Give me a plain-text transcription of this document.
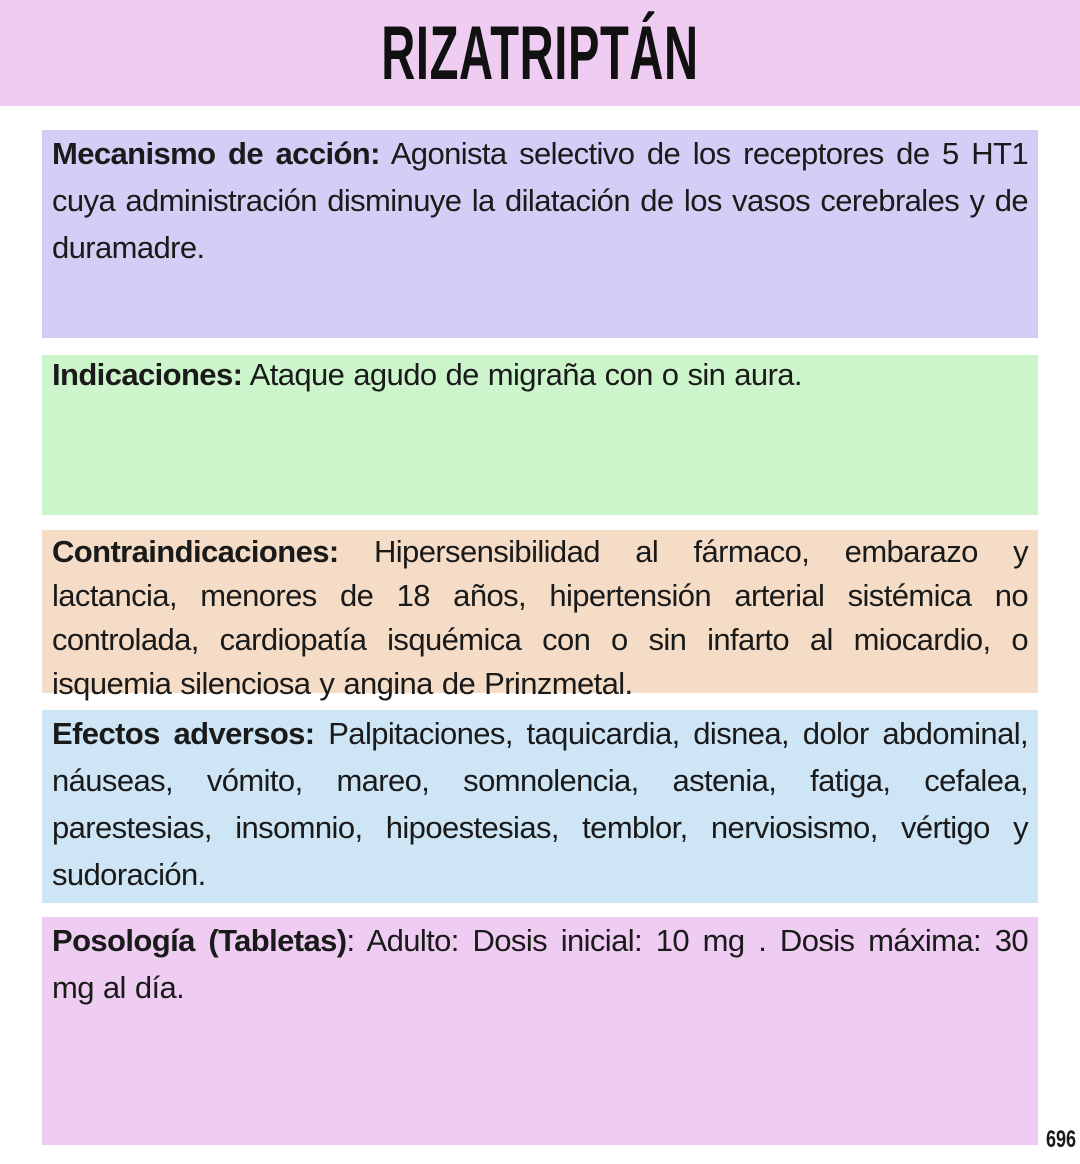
RIZATRIPTÁN

Mecanismo de acción: Agonista selectivo de los receptores de 5 HT1 cuya administración disminuye la dilatación de los vasos cerebrales y de duramadre.

Indicaciones: Ataque agudo de migraña con o sin aura.

Contraindicaciones: Hipersensibilidad al fármaco, embarazo y lactancia, menores de 18 años, hipertensión arterial sistémica no controlada, cardiopatía isquémica con o sin infarto al miocardio, o isquemia silenciosa y angina de Prinzmetal.

Efectos adversos: Palpitaciones, taquicardia, disnea, dolor abdominal, náuseas, vómito, mareo, somnolencia, astenia, fatiga, cefalea, parestesias, insomnio, hipoestesias, temblor, nerviosismo, vértigo y sudoración.

Posología (Tabletas): Adulto: Dosis inicial: 10 mg . Dosis máxima: 30 mg al día.

696
